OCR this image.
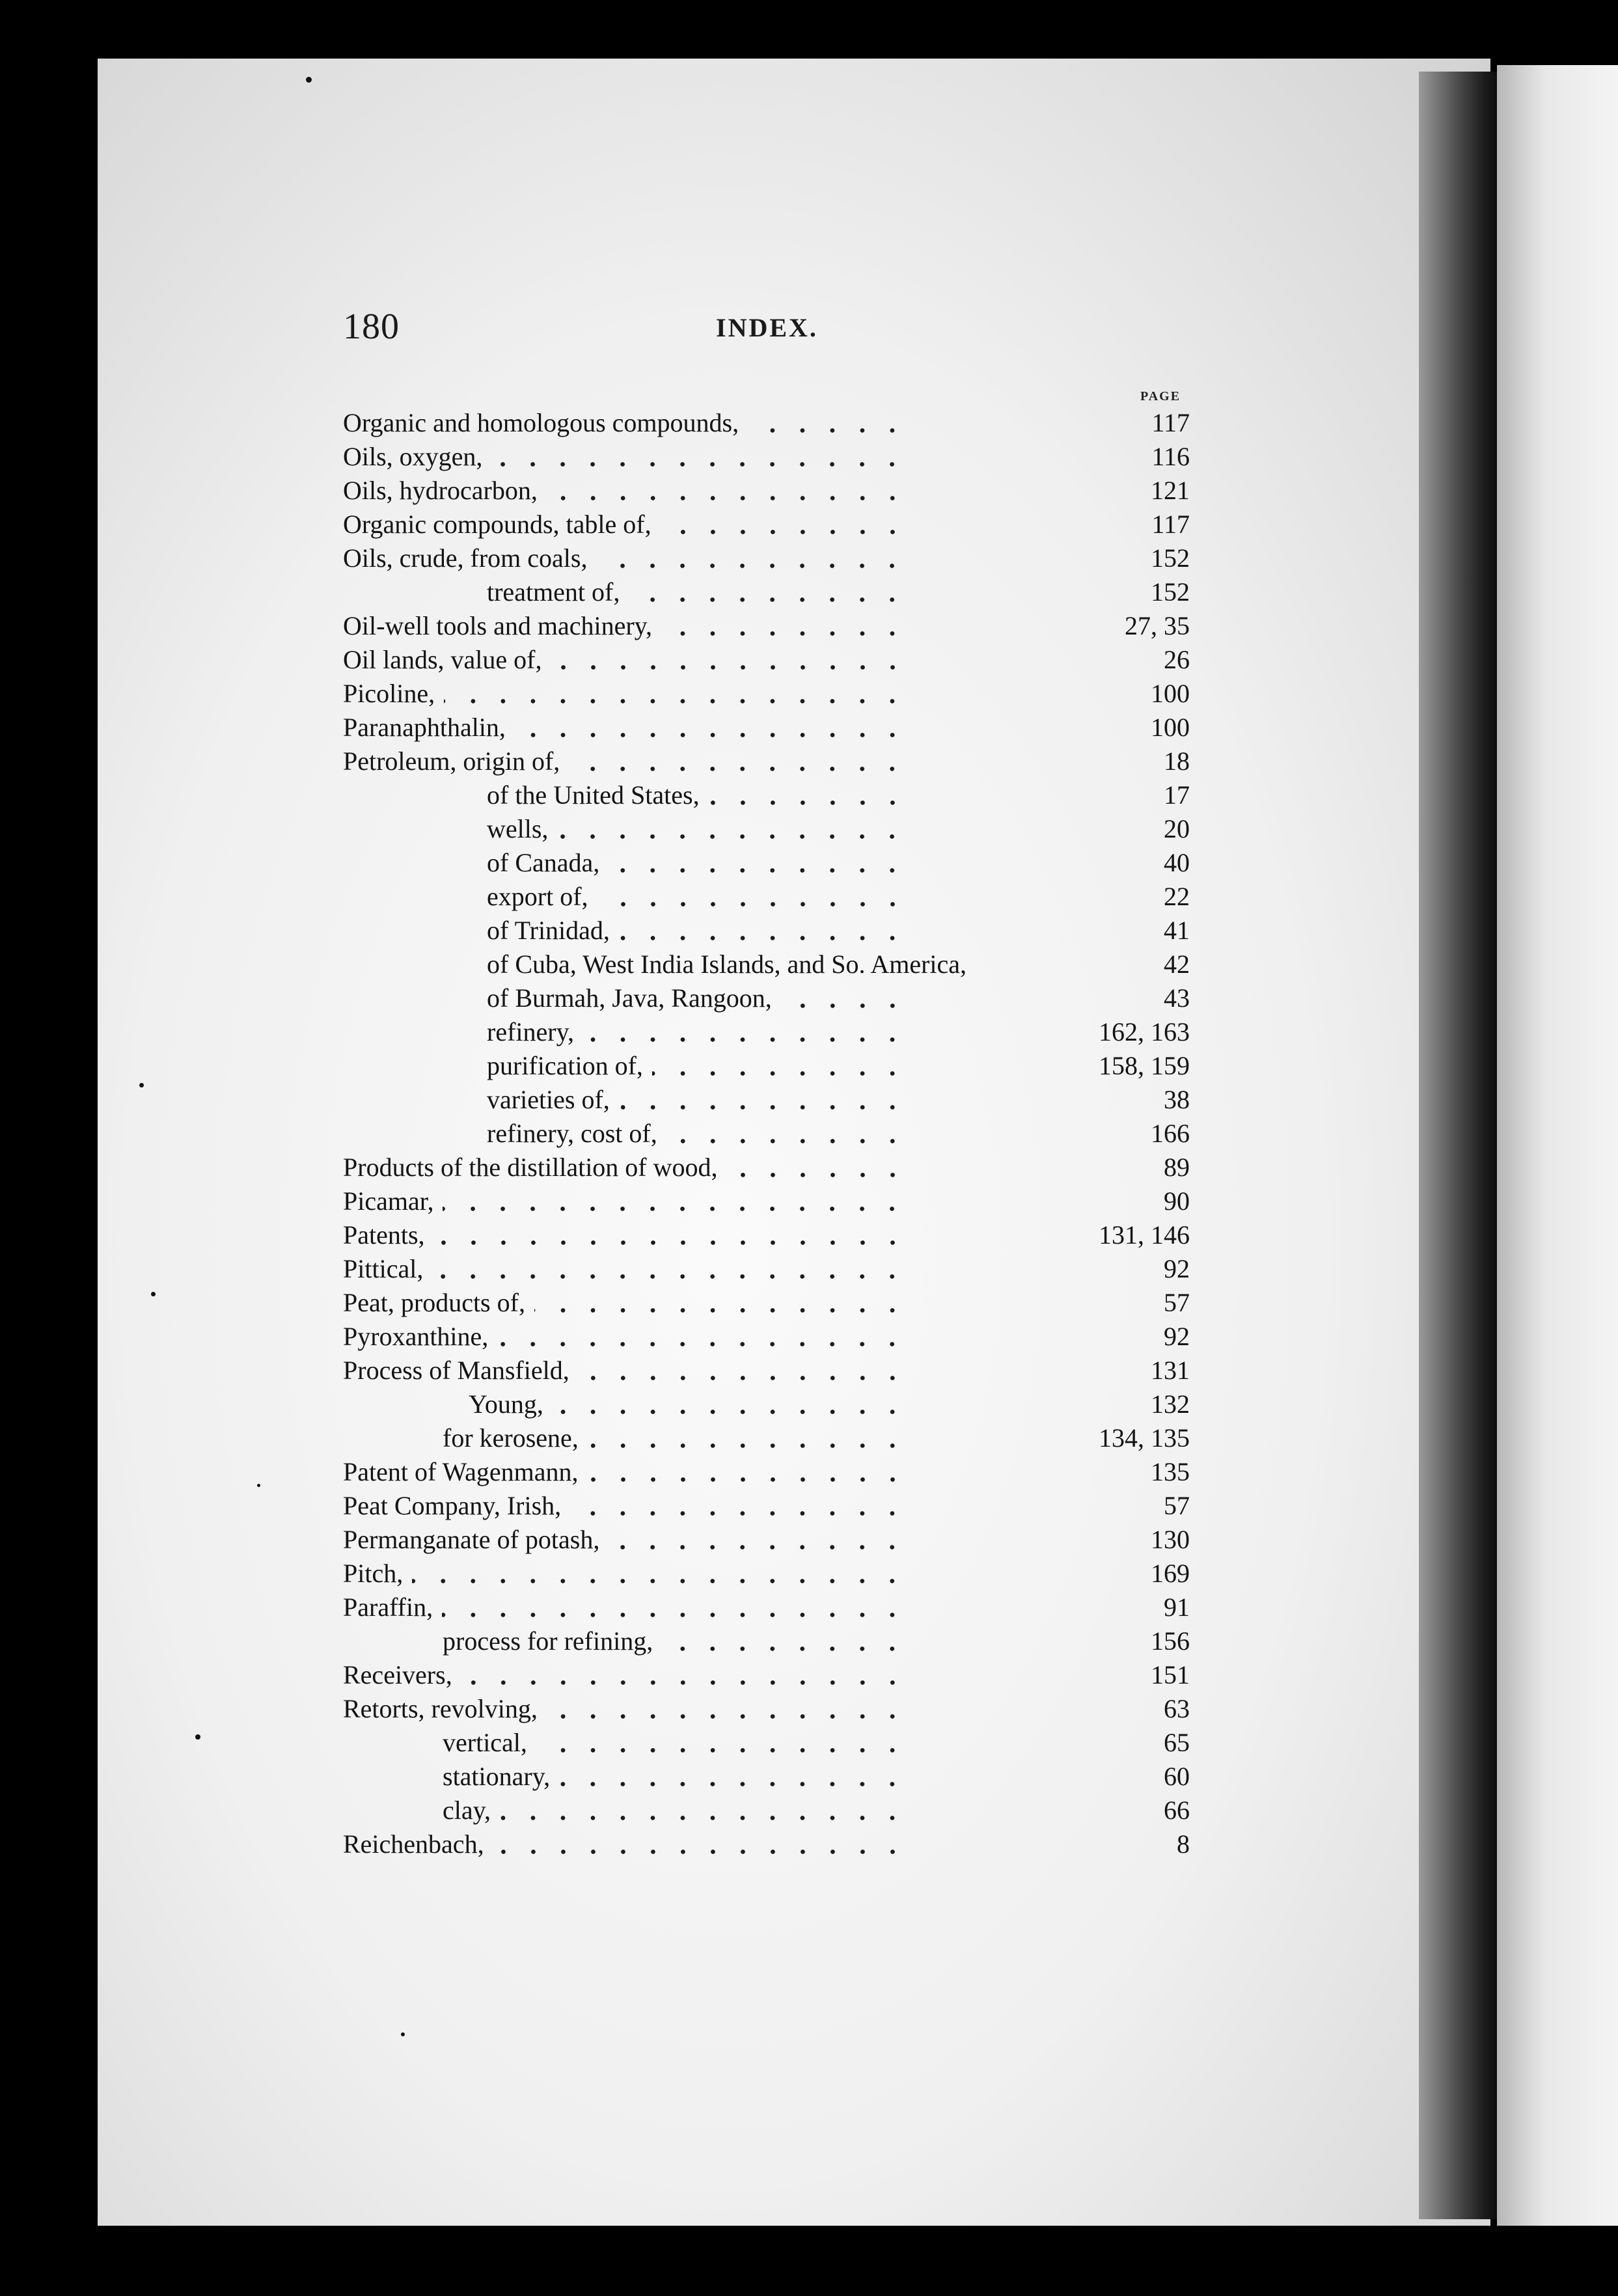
180	INDEX.
PAGE
Organic and homologous compounds,	117
Oils, oxygen,	116
Oils, hydrocarbon,	121
Organic compounds, table of,	117
Oils, crude, from coals,	152
treatment of,	152
Oil-well tools and machinery,	27, 35
Oil lands, value of,	26
Picoline,	100
Paranaphthalin,	100
Petroleum, origin of,	18
of the United States,	17
wells,	20
of Canada,	40
export of,	22
of Trinidad,	41
of Cuba, West India Islands, and So. America,	42
of Burmah, Java, Rangoon,	43
refinery,	162, 163
purification of,	158, 159
varieties of,	38
refinery, cost of,	166
Products of the distillation of wood,	89
Picamar,	90
Patents,	131, 146
Pittical,	92
Peat, products of,	57
Pyroxanthine,	92
Process of Mansfield,	131
Young,	132
for kerosene,	134, 135
Patent of Wagenmann,	135
Peat Company, Irish,	57
Permanganate of potash,	130
Pitch,	169
Paraffin,	91
process for refining,	156
Receivers,	151
Retorts, revolving,	63
vertical,	65
stationary,	60
clay,	66
Reichenbach,	8
